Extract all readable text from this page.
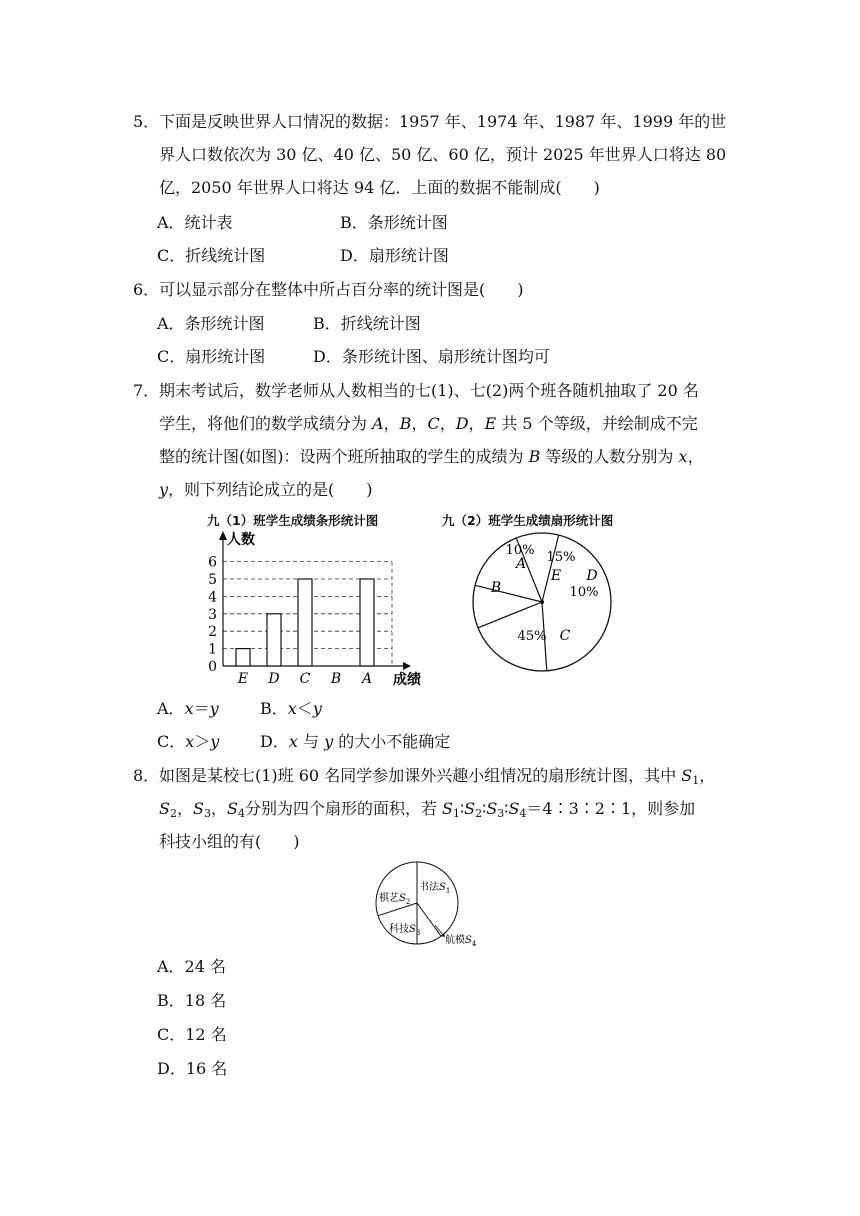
5． 下面是反映世界人口情况的数据：1957 年、1974 年、1987 年、1999 年的世
界人口数依次为 30 亿、40 亿、50 亿、60 亿，预计 2025 年世界人口将达 80
亿，2050 年世界人口将达 94 亿．上面的数据不能制成(　　)
A．统计表	B．条形统计图
C．折线统计图	D．扇形统计图
6． 可以显示部分在整体中所占百分率的统计图是(　　)
A．条形统计图	B．折线统计图
C．扇形统计图	D．条形统计图、扇形统计图均可
7． 期末考试后，数学老师从人数相当的七(1)、七(2)两个班各随机抽取了 20 名
学生，将他们的数学成绩分为 A，B，C，D，E 共 5 个等级，并绘制成不完
整的统计图(如图)：设两个班所抽取的学生的成绩为 B 等级的人数分别为 x，
y，则下列结论成立的是(　　)
九（1）班学生成绩条形统计图	九（2）班学生成绩扇形统计图
0
1
2
3
4
5
6
人数
成绩
E D C B A
A
10%
E
15%
D
10%
C
45%
B
A．x＝y	B．x＜y
C．x＞y	D．x 与 y 的大小不能确定
8． 如图是某校七(1)班 60 名同学参加课外兴趣小组情况的扇形统计图，其中 $S_1$，
$S_2$，$S_3$，$S_4$分别为四个扇形的面积，若 $S_1∶S_2∶S_3∶S_4=4∶3∶2∶1$，则参加
科技小组的有(　　)
书法$S_1$
棋艺$S_2$
科技$S_3$
航模$S_4$
A．24 名
B．18 名
C．12 名
D．16 名
